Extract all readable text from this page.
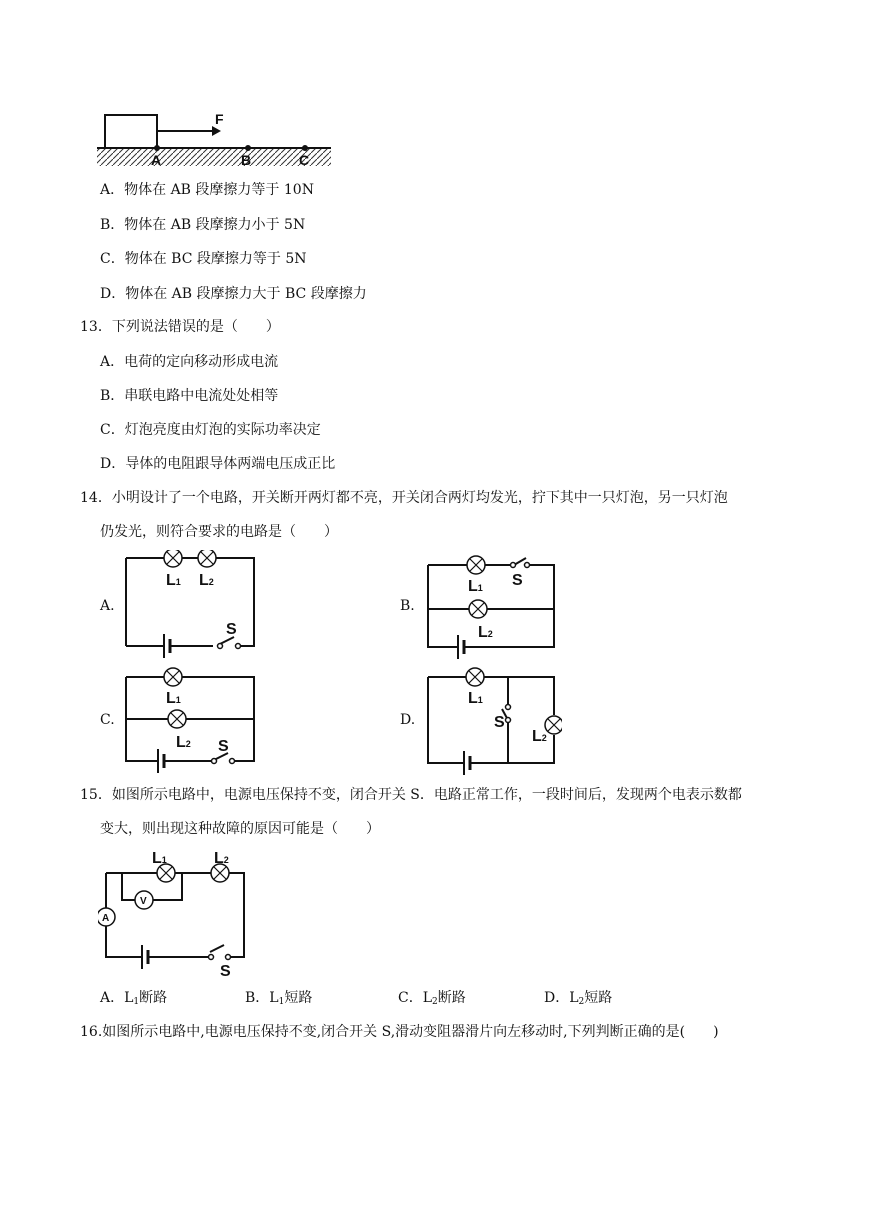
F
A	B	C
A．物体在 AB 段摩擦力等于 10N
B．物体在 AB 段摩擦力小于 5N
C．物体在 BC 段摩擦力等于 5N
D．物体在 AB 段摩擦力大于 BC 段摩擦力
13．下列说法错误的是（　　）
A．电荷的定向移动形成电流
B．串联电路中电流处处相等
C．灯泡亮度由灯泡的实际功率决定
D．导体的电阻跟导体两端电压成正比
14．小明设计了一个电路，开关断开两灯都不亮，开关闭合两灯均发光，拧下其中一只灯泡，另一只灯泡
仍发光，则符合要求的电路是（　　）
A.	B.
C.	D.
L1 L2
S
L1
L2
S
L1
L2 S
L1
L2
S
15．如图所示电路中，电源电压保持不变，闭合开关 S．电路正常工作，一段时间后，发现两个电表示数都
变大，则出现这种故障的原因可能是（　　）
V
A
L1	L2
S
A．$L_1$断路	B．$L_1$短路	C．$L_2$断路	D．$L_2$短路
16.如图所示电路中,电源电压保持不变,闭合开关 S,滑动变阻器滑片向左移动时,下列判断正确的是(　　)
